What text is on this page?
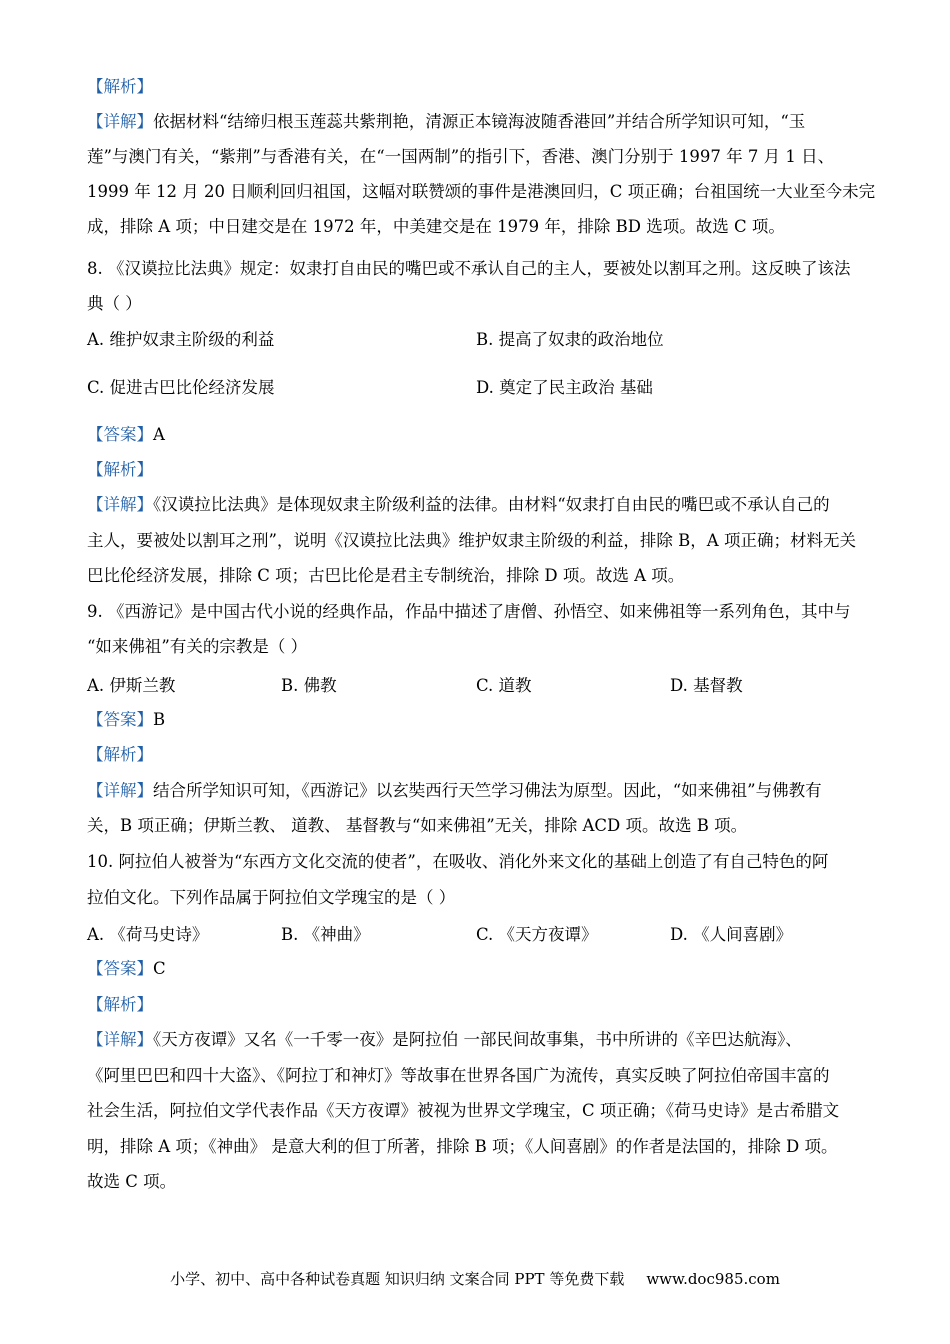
【解析】
【详解】依据材料“结缔归根玉莲蕊共紫荆艳，清源正本镜海波随香港回”并结合所学知识可知，“玉
莲”与澳门有关，“紫荆”与香港有关，在“一国两制”的指引下，香港、澳门分别于 1997 年 7 月 1 日、
1999 年 12 月 20 日顺利回归祖国，这幅对联赞颂的事件是港澳回归，C 项正确；台祖国统一大业至今未完
成，排除 A 项；中日建交是在 1972 年，中美建交是在 1979 年，排除 BD 选项。故选 C 项。
8. 《汉谟拉比法典》规定：奴隶打自由民的嘴巴或不承认自己的主人，要被处以割耳之刑。这反映了该法
典（ ）
A. 维护奴隶主阶级的利益	B. 提高了奴隶的政治地位
C. 促进古巴比伦经济发展	D. 奠定了民主政治 基础
【答案】A
【解析】
【详解】《汉谟拉比法典》是体现奴隶主阶级利益的法律。由材料“奴隶打自由民的嘴巴或不承认自己的
主人，要被处以割耳之刑”，说明《汉谟拉比法典》维护奴隶主阶级的利益，排除 B，A 项正确；材料无关
巴比伦经济发展，排除 C 项；古巴比伦是君主专制统治，排除 D 项。故选 A 项。
9. 《西游记》是中国古代小说的经典作品，作品中描述了唐僧、孙悟空、如来佛祖等一系列角色，其中与
“如来佛祖”有关的宗教是（ ）
A. 伊斯兰教	B. 佛教	C. 道教	D. 基督教
【答案】B
【解析】
【详解】结合所学知识可知，《西游记》以玄奘西行天竺学习佛法为原型。因此，“如来佛祖”与佛教有
关，B 项正确；伊斯兰教、 道教、 基督教与“如来佛祖”无关，排除 ACD 项。故选 B 项。
10. 阿拉伯人被誉为“东西方文化交流的使者”，在吸收、消化外来文化的基础上创造了有自己特色的阿
拉伯文化。下列作品属于阿拉伯文学瑰宝的是（ ）
A. 《荷马史诗》	B. 《神曲》	C. 《天方夜谭》	D. 《人间喜剧》
【答案】C
【解析】
【详解】《天方夜谭》又名《一千零一夜》是阿拉伯 一部民间故事集，书中所讲的《辛巴达航海》、
《阿里巴巴和四十大盗》、《阿拉丁和神灯》等故事在世界各国广为流传，真实反映了阿拉伯帝国丰富的
社会生活，阿拉伯文学代表作品《天方夜谭》被视为世界文学瑰宝，C 项正确；《荷马史诗》是古希腊文
明，排除 A 项；《神曲》 是意大利的但丁所著，排除 B 项；《人间喜剧》的作者是法国的，排除 D 项。
故选 C 项。
小学、初中、高中各种试卷真题 知识归纳 文案合同 PPT 等免费下载 www.doc985.com
